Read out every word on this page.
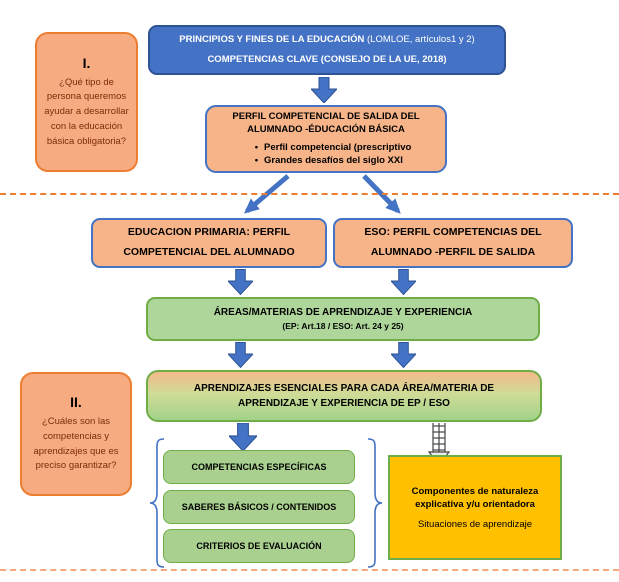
PRINCIPIOS Y FINES DE LA EDUCACIÓN (LOMLOE, artículos1 y 2)
COMPETENCIAS CLAVE (CONSEJO DE LA UE, 2018)
I.
¿Qué tipo de persona queremos ayudar a desarrollar con la educación básica obligatoria?
PERFIL COMPETENCIAL DE SALIDA DEL ALUMNADO -ÉDUCACIÓN BÁSICA
• Perfil competencial (prescriptivo
• Grandes desafíos del siglo XXI
EDUCACION PRIMARIA: PERFIL COMPETENCIAL DEL ALUMNADO
ESO: PERFIL COMPETENCIAS DEL ALUMNADO -PERFIL DE SALIDA
ÁREAS/MATERIAS DE APRENDIZAJE Y EXPERIENCIA
(EP: Art.18 / ESO: Art. 24 y 25)
APRENDIZAJES ESENCIALES PARA CADA ÁREA/MATERIA DE APRENDIZAJE Y EXPERIENCIA DE EP / ESO
II.
¿Cuáles son las competencias y aprendizajes que es preciso garantizar?	COMPETENCIAS ESPECÍFICAS
SABERES BÁSICOS / CONTENIDOS
CRITERIOS DE EVALUACIÓN
Componentes de naturaleza explicativa y/u orientadora
Situaciones de aprendizaje
